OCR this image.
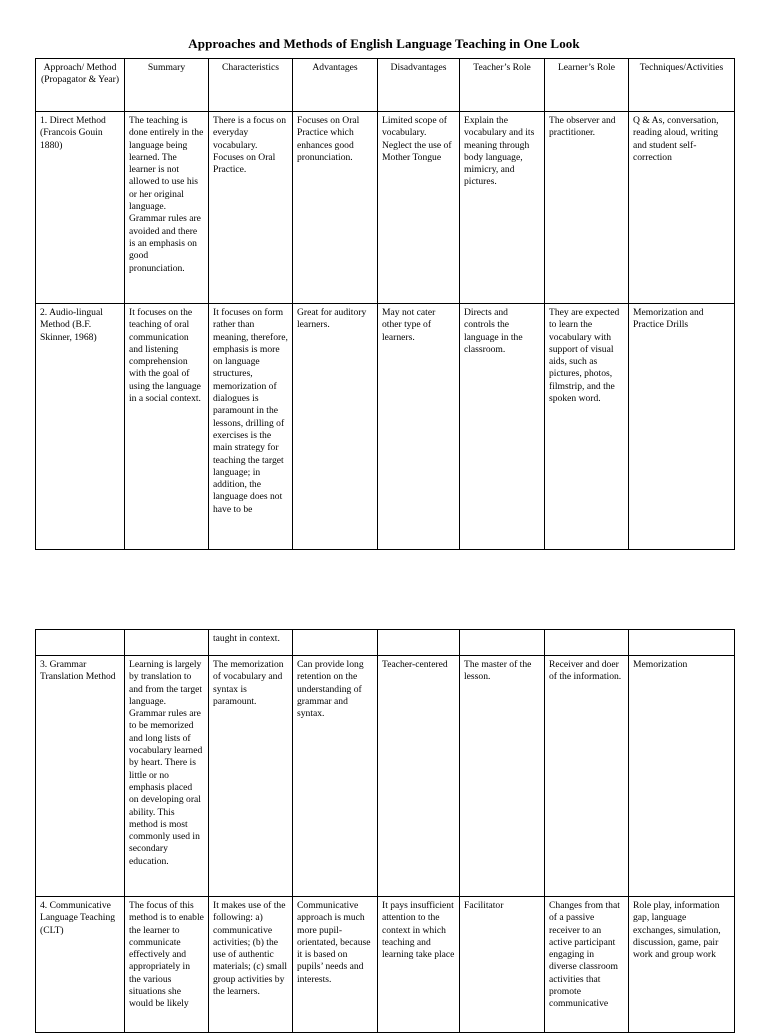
Approaches and Methods of English Language Teaching in One Look
Approach/ Method (Propagator & Year)	Summary	Characteristics	Advantages	Disadvantages	Teacher’s Role	Learner’s Role	Techniques/Activities
1. Direct Method (Francois Gouin 1880)	The teaching is done entirely in the language being learned. The learner is not allowed to use his or her original language. Grammar rules are avoided and there is an emphasis on good pronunciation.	There is a focus on everyday vocabulary. Focuses on Oral Practice.	Focuses on Oral Practice which enhances good pronunciation.	Limited scope of vocabulary. Neglect the use of Mother Tongue	Explain the vocabulary and its meaning through body language, mimicry, and pictures.	The observer and practitioner.	Q & As, conversation, reading aloud, writing and student self-correction
2. Audio-lingual Method (B.F. Skinner, 1968)	It focuses on the teaching of oral communication and listening comprehension with the goal of using the language in a social context.	It focuses on form rather than meaning, therefore, emphasis is more on language structures, memorization of dialogues is paramount in the lessons, drilling of exercises is the main strategy for teaching the target language; in addition, the language does not have to be	Great for auditory learners.	May not cater other type of learners.	Directs and controls the language in the classroom.	They are expected to learn the vocabulary with support of visual aids, such as pictures, photos, filmstrip, and the spoken word.	Memorization and Practice Drills
		taught in context.					
3. Grammar Translation Method	Learning is largely by translation to and from the target language. Grammar rules are to be memorized and long lists of vocabulary learned by heart. There is little or no emphasis placed on developing oral ability. This method is most commonly used in secondary education.	The memorization of vocabulary and syntax is paramount.	Can provide long retention on the understanding of grammar and syntax.	Teacher-centered	The master of the lesson.	Receiver and doer of the information.	Memorization
4. Communicative Language Teaching (CLT)	The focus of this method is to enable the learner to communicate effectively and appropriately in the various situations she would be likely	It makes use of the following: a) communicative activities; (b) the use of authentic materials; (c) small group activities by the learners.	Communicative approach is much more pupil-orientated, because it is based on pupils’ needs and interests.	It pays insufficient attention to the context in which teaching and learning take place	Facilitator	Changes from that of a passive receiver to an active participant engaging in diverse classroom activities that promote communicative	Role play, information gap, language exchanges, simulation, discussion, game, pair work and group work
